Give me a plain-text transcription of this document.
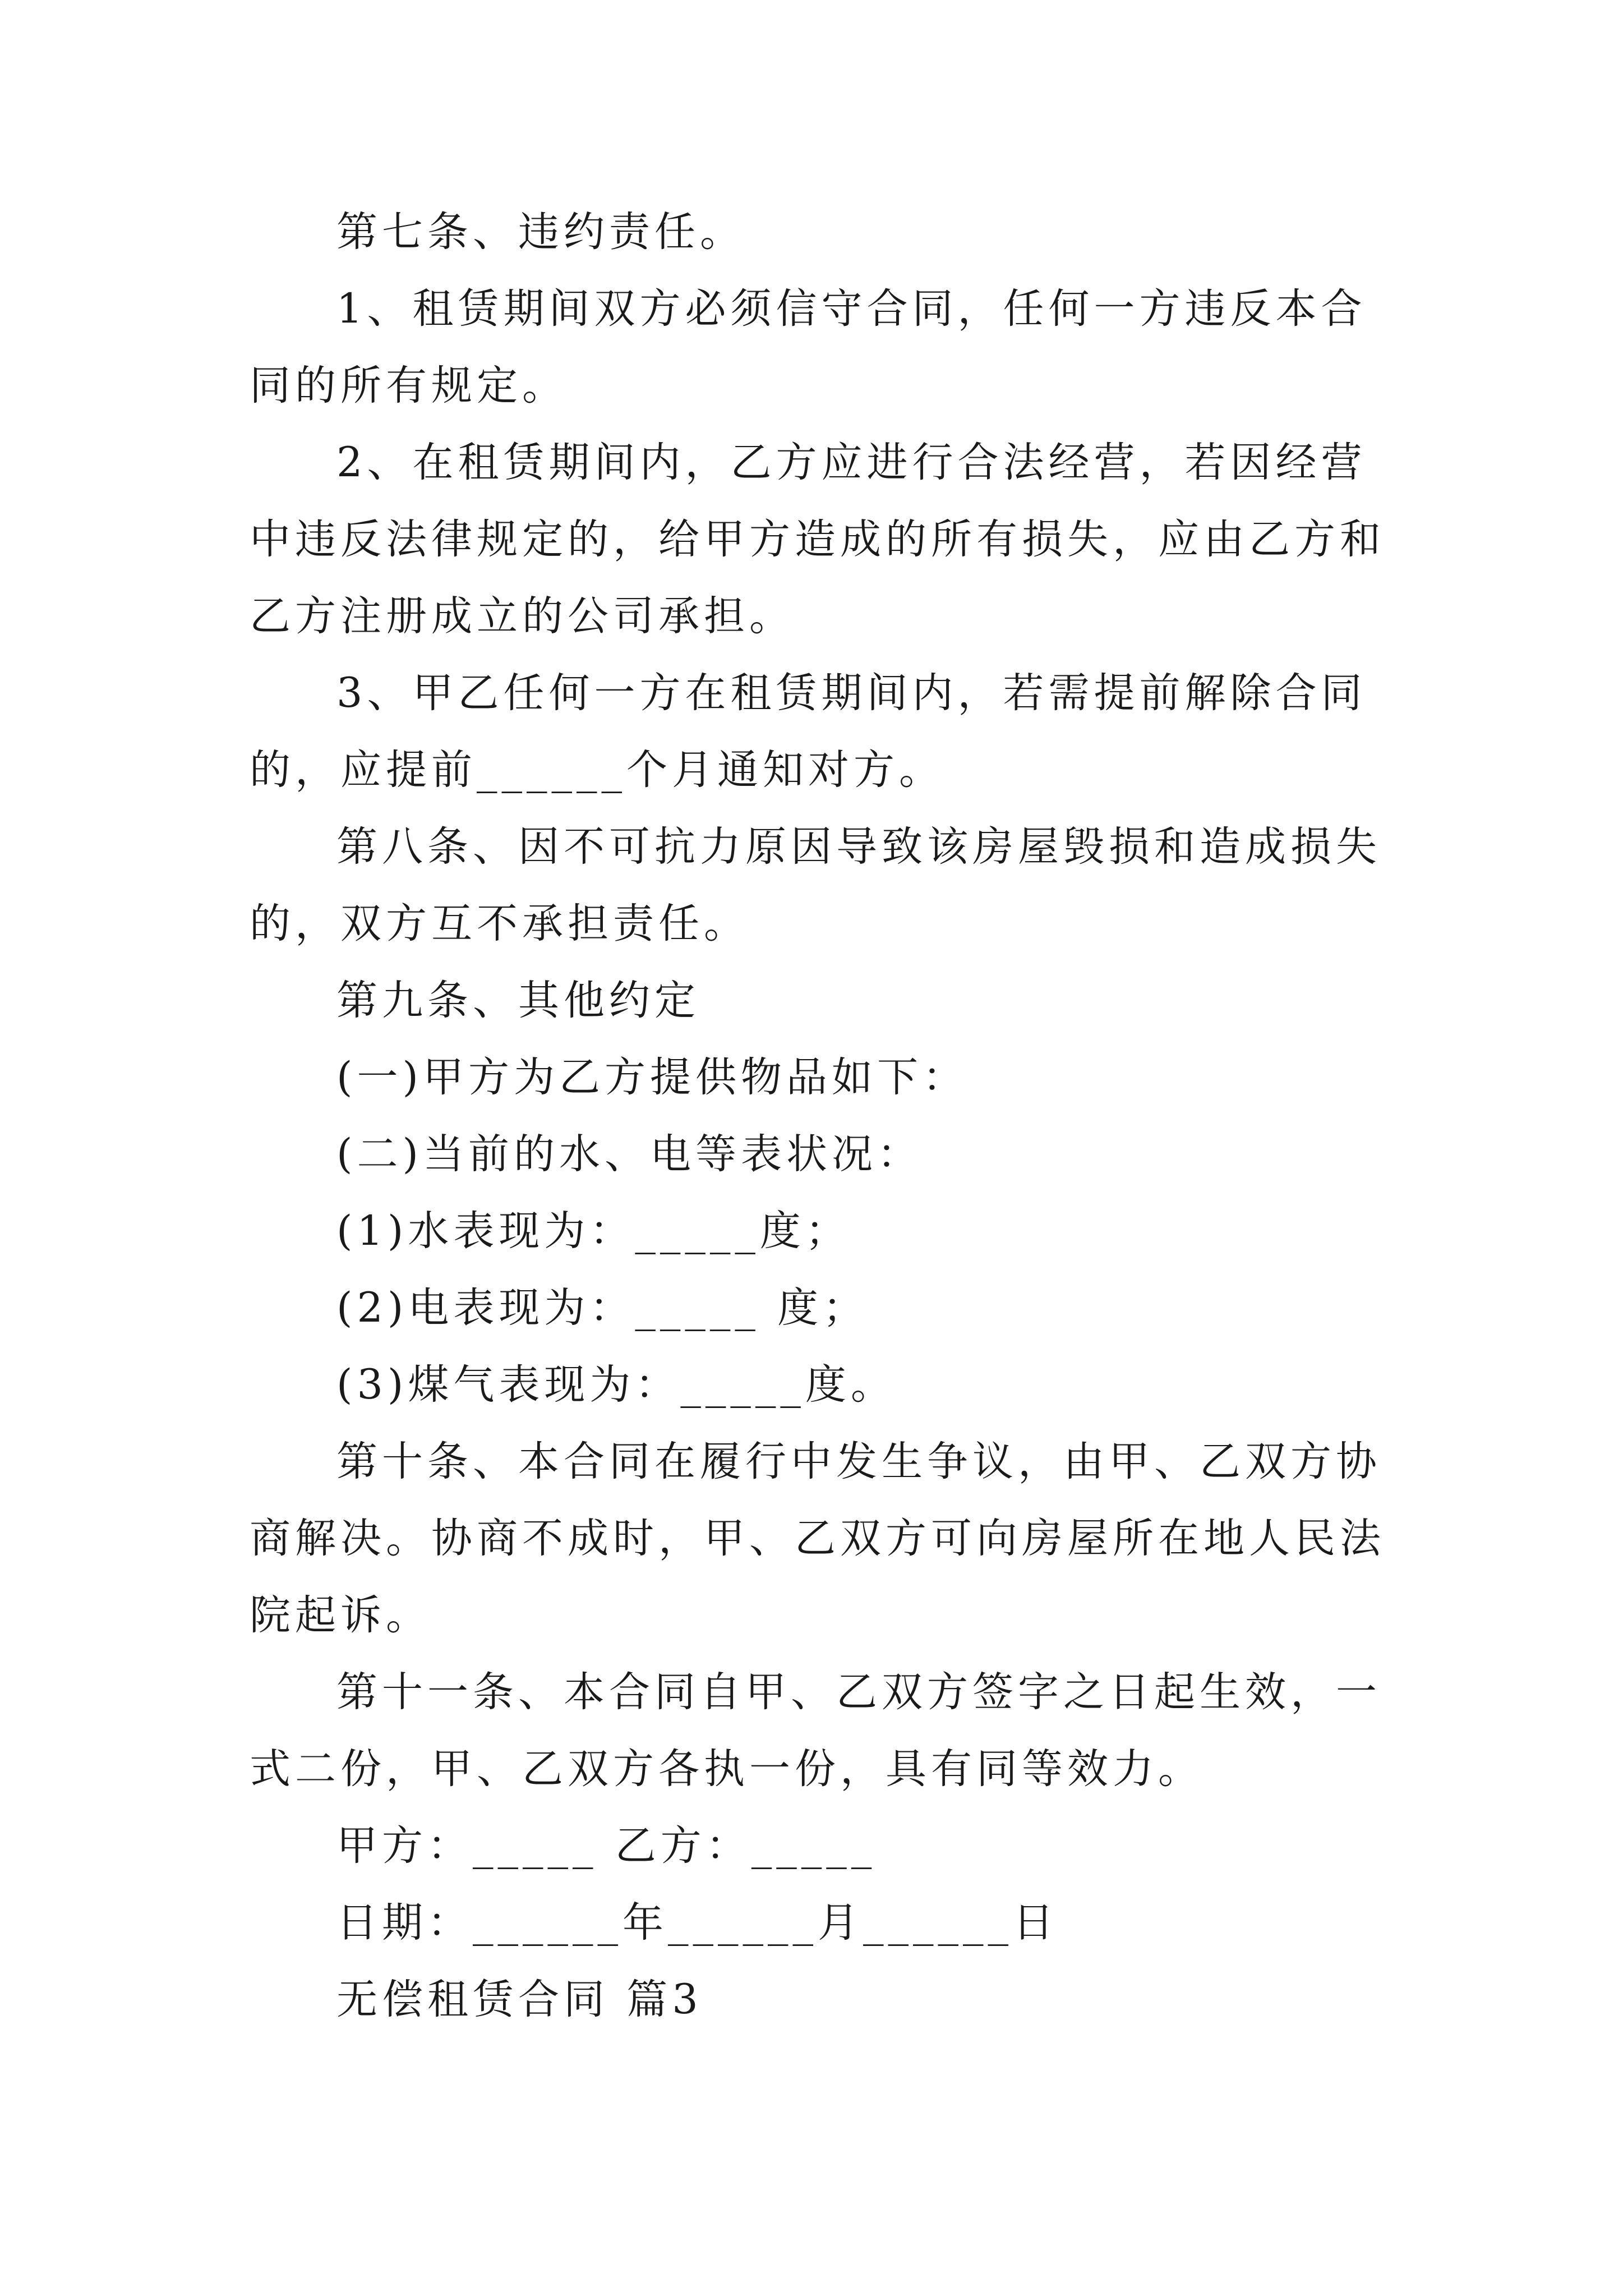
第七条、违约责任。

1、租赁期间双方必须信守合同，任何一方违反本合同的所有规定。

2、在租赁期间内，乙方应进行合法经营，若因经营中违反法律规定的，给甲方造成的所有损失，应由乙方和乙方注册成立的公司承担。

3、甲乙任何一方在租赁期间内，若需提前解除合同的，应提前______个月通知对方。

第八条、因不可抗力原因导致该房屋毁损和造成损失的，双方互不承担责任。

第九条、其他约定

(一)甲方为乙方提供物品如下：

(二)当前的水、电等表状况：

(1)水表现为：_____度；

(2)电表现为：_____ 度；

(3)煤气表现为：_____度。

第十条、本合同在履行中发生争议，由甲、乙双方协商解决。协商不成时，甲、乙双方可向房屋所在地人民法院起诉。

第十一条、本合同自甲、乙双方签字之日起生效，一式二份，甲、乙双方各执一份，具有同等效力。

甲方：_____ 乙方：_____

日期：______年______月______日

无偿租赁合同 篇3
